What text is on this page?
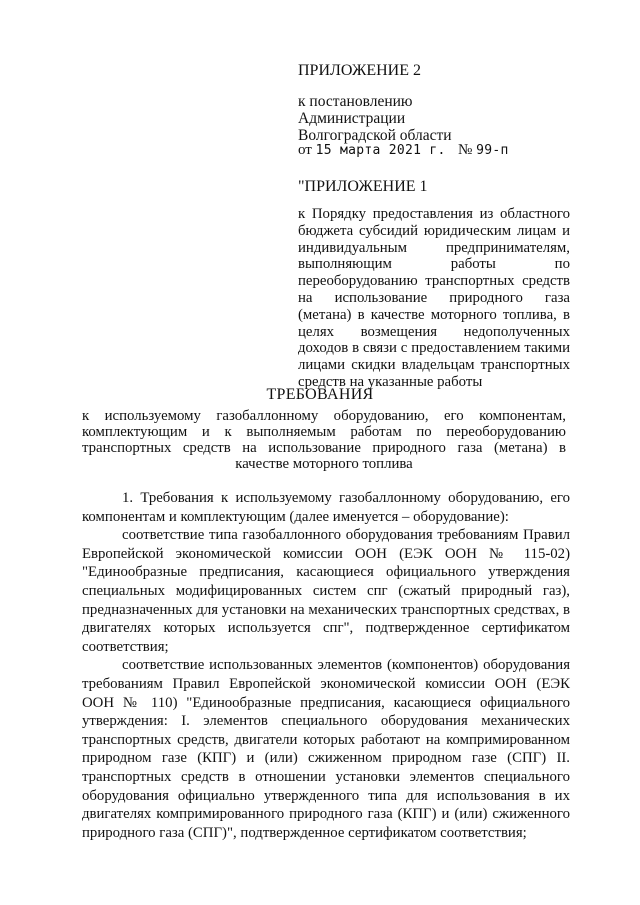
ПРИЛОЖЕНИЕ 2
к постановлению
Администрации
Волгоградской области
от 15 марта 2021 г. № 99-п
"ПРИЛОЖЕНИЕ 1
к Порядку предоставления из областного бюджета субсидий юридическим лицам и индивидуальным предпринимателям, выполняющим работы по переоборудованию транспортных средств на использование природного газа (метана) в качестве моторного топлива, в целях возмещения недополученных доходов в связи с предоставлением такими лицами скидки владельцам транспортных средств на указанные работы
ТРЕБОВАНИЯ
к используемому газобаллонному оборудованию, его компонентам, комплектующим и к выполняемым работам по переоборудованию транспортных средств на использование природного газа (метана) в качестве моторного топлива

1. Требования к используемому газобаллонному оборудованию, его компонентам и комплектующим (далее именуется – оборудование):

соответствие типа газобаллонного оборудования требованиям Правил Европейской экономической комиссии ООН (ЕЭК ООН № 115-02) "Единообразные предписания, касающиеся официального утверждения специальных модифицированных систем спг (сжатый природный газ), предназначенных для установки на механических транспортных средствах, в двигателях которых используется спг", подтвержденное сертификатом соответствия;

соответствие использованных элементов (компонентов) оборудования требованиям Правил Европейской экономической комиссии ООН (ЕЭК ООН № 110) "Единообразные предписания, касающиеся официального утверждения: I. элементов специального оборудования механических транспортных средств, двигатели которых работают на компримированном природном газе (КПГ) и (или) сжиженном природном газе (СПГ) II. транспортных средств в отношении установки элементов специального оборудования официально утвержденного типа для использования в их двигателях компримированного природного газа (КПГ) и (или) сжиженного природного газа (СПГ)", подтвержденное сертификатом соответствия;
